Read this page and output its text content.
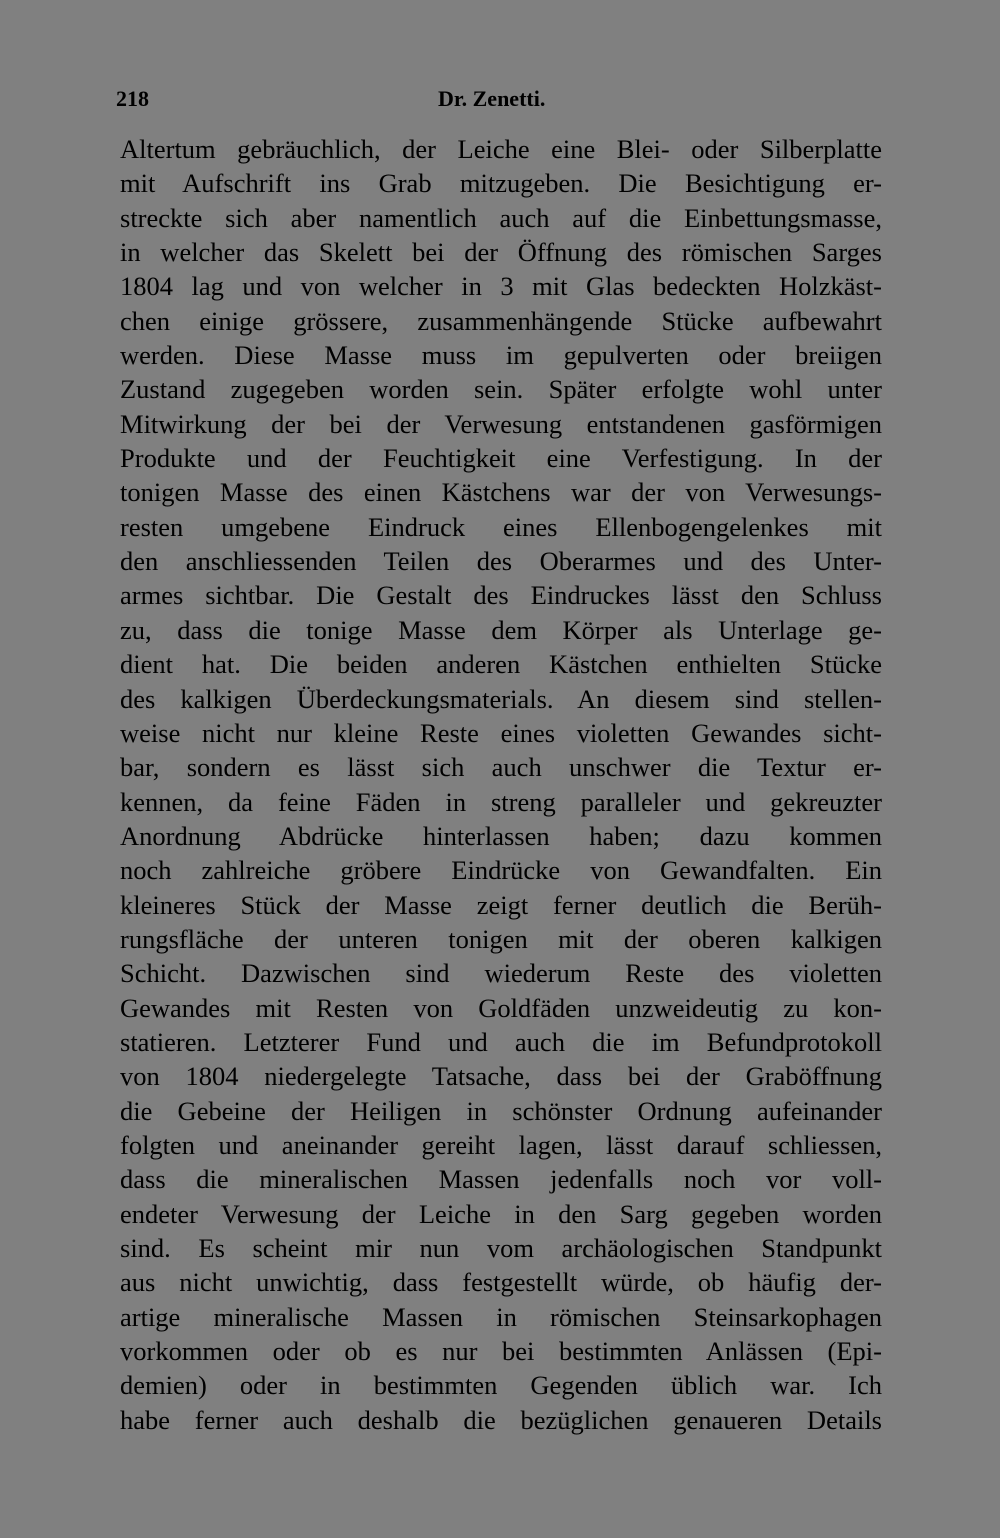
218	Dr. Zenetti.
Altertum gebräuchlich, der Leiche eine Blei- oder Silberplatte
mit Aufschrift ins Grab mitzugeben. Die Besichtigung er-
streckte sich aber namentlich auch auf die Einbettungsmasse,
in welcher das Skelett bei der Öffnung des römischen Sarges
1804 lag und von welcher in 3 mit Glas bedeckten Holzkäst-
chen einige grössere, zusammenhängende Stücke aufbewahrt
werden. Diese Masse muss im gepulverten oder breiigen
Zustand zugegeben worden sein. Später erfolgte wohl unter
Mitwirkung der bei der Verwesung entstandenen gasförmigen
Produkte und der Feuchtigkeit eine Verfestigung. In der
tonigen Masse des einen Kästchens war der von Verwesungs-
resten umgebene Eindruck eines Ellenbogengelenkes mit
den anschliessenden Teilen des Oberarmes und des Unter-
armes sichtbar. Die Gestalt des Eindruckes lässt den Schluss
zu, dass die tonige Masse dem Körper als Unterlage ge-
dient hat. Die beiden anderen Kästchen enthielten Stücke
des kalkigen Überdeckungsmaterials. An diesem sind stellen-
weise nicht nur kleine Reste eines violetten Gewandes sicht-
bar, sondern es lässt sich auch unschwer die Textur er-
kennen, da feine Fäden in streng paralleler und gekreuzter
Anordnung Abdrücke hinterlassen haben; dazu kommen
noch zahlreiche gröbere Eindrücke von Gewandfalten. Ein
kleineres Stück der Masse zeigt ferner deutlich die Berüh-
rungsfläche der unteren tonigen mit der oberen kalkigen
Schicht. Dazwischen sind wiederum Reste des violetten
Gewandes mit Resten von Goldfäden unzweideutig zu kon-
statieren. Letzterer Fund und auch die im Befundprotokoll
von 1804 niedergelegte Tatsache, dass bei der Graböffnung
die Gebeine der Heiligen in schönster Ordnung aufeinander
folgten und aneinander gereiht lagen, lässt darauf schliessen,
dass die mineralischen Massen jedenfalls noch vor voll-
endeter Verwesung der Leiche in den Sarg gegeben worden
sind. Es scheint mir nun vom archäologischen Standpunkt
aus nicht unwichtig, dass festgestellt würde, ob häufig der-
artige mineralische Massen in römischen Steinsarkophagen
vorkommen oder ob es nur bei bestimmten Anlässen (Epi-
demien) oder in bestimmten Gegenden üblich war. Ich
habe ferner auch deshalb die bezüglichen genaueren Details
